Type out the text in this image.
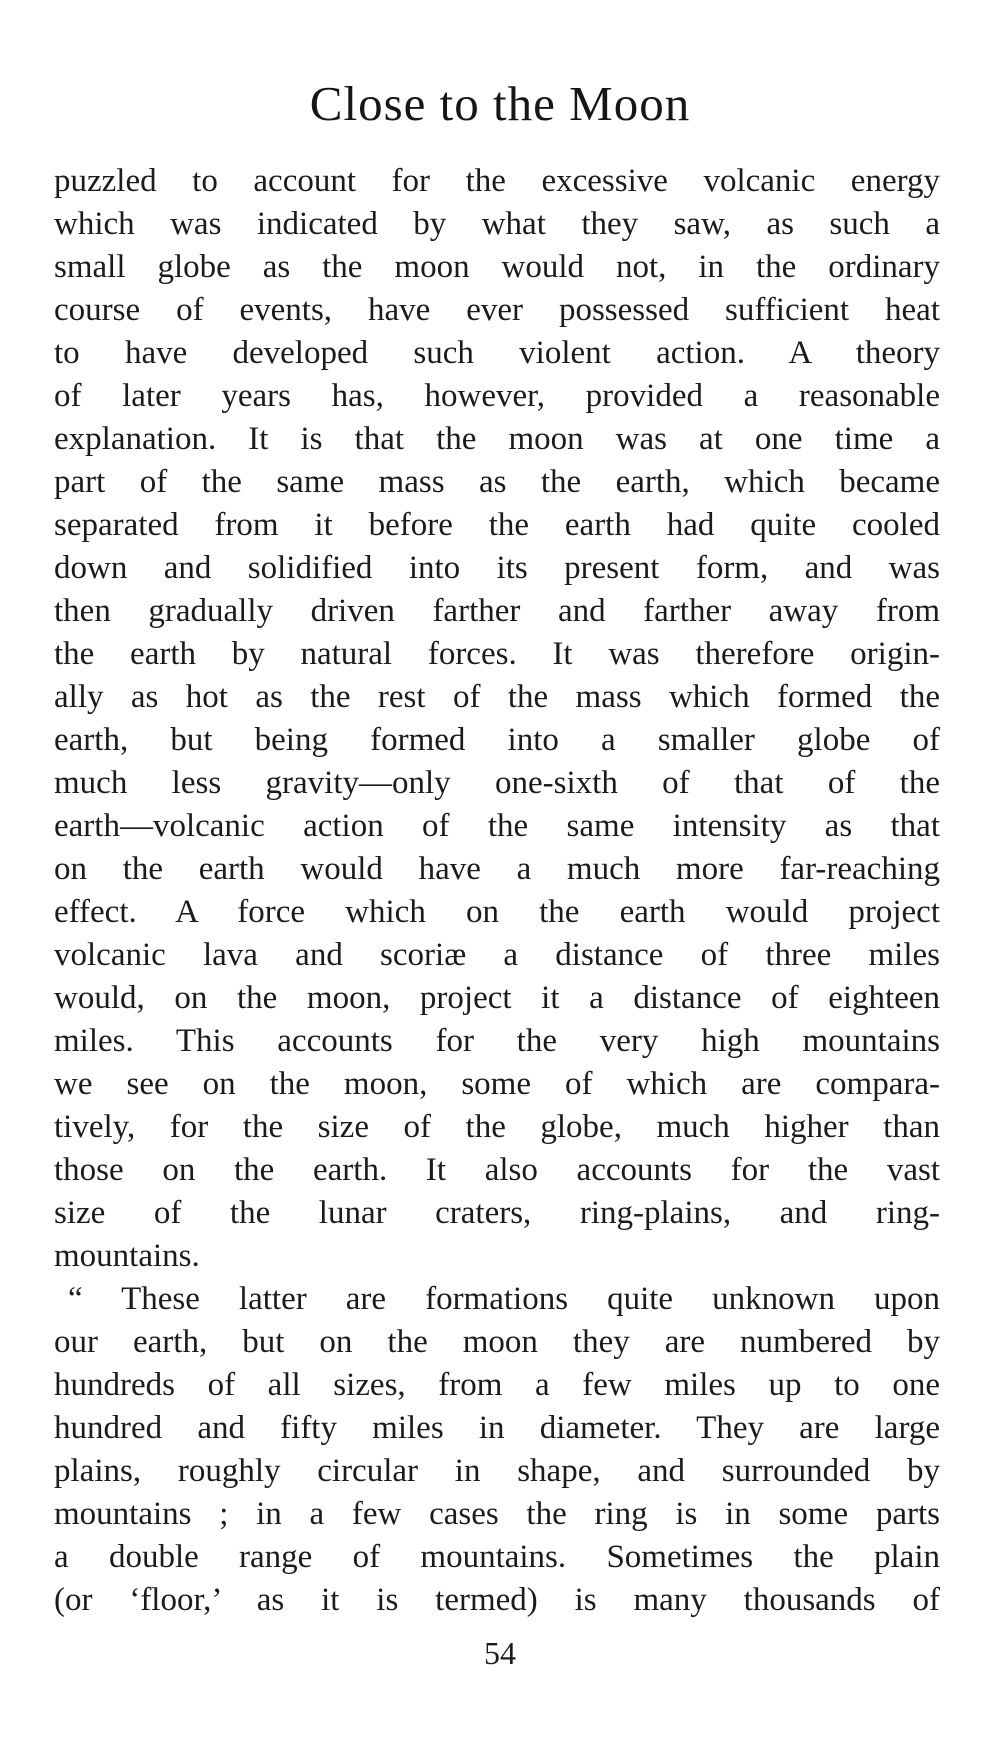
Close to the Moon
puzzled to account for the excessive volcanic energy
which was indicated by what they saw, as such a
small globe as the moon would not, in the ordinary
course of events, have ever possessed sufficient heat
to have developed such violent action. A theory
of later years has, however, provided a reasonable
explanation. It is that the moon was at one time a
part of the same mass as the earth, which became
separated from it before the earth had quite cooled
down and solidified into its present form, and was
then gradually driven farther and farther away from
the earth by natural forces. It was therefore origin-
ally as hot as the rest of the mass which formed the
earth, but being formed into a smaller globe of
much less gravity—only one-sixth of that of the
earth—volcanic action of the same intensity as that
on the earth would have a much more far-reaching
effect. A force which on the earth would project
volcanic lava and scoriæ a distance of three miles
would, on the moon, project it a distance of eighteen
miles. This accounts for the very high mountains
we see on the moon, some of which are compara-
tively, for the size of the globe, much higher than
those on the earth. It also accounts for the vast
size of the lunar craters, ring-plains, and ring-
mountains.
“ These latter are formations quite unknown upon
our earth, but on the moon they are numbered by
hundreds of all sizes, from a few miles up to one
hundred and fifty miles in diameter. They are large
plains, roughly circular in shape, and surrounded by
mountains ; in a few cases the ring is in some parts
a double range of mountains. Sometimes the plain
(or ‘floor,’ as it is termed) is many thousands of
54
